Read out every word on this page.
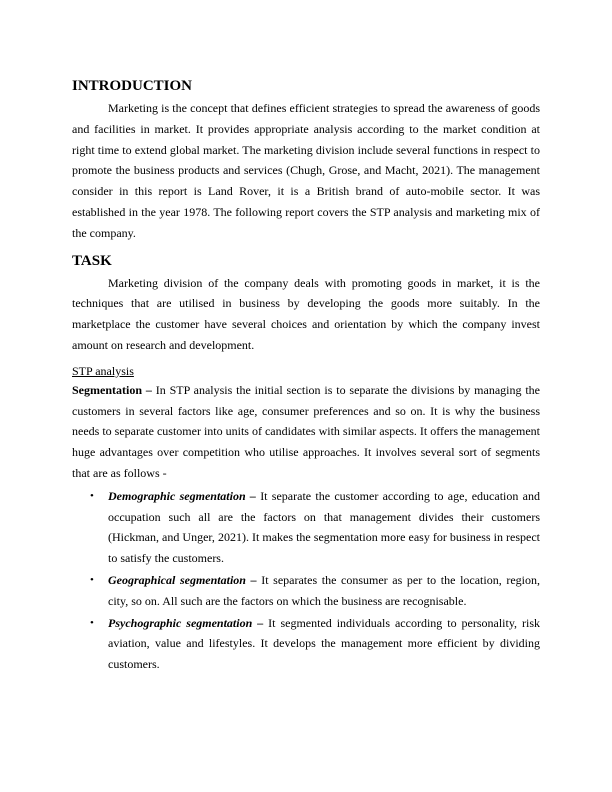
INTRODUCTION

Marketing is the concept that defines efficient strategies to spread the awareness of goods and facilities in market. It provides appropriate analysis according to the market condition at right time to extend global market. The marketing division include several functions in respect to promote the business products and services (Chugh, Grose, and Macht, 2021). The management consider in this report is Land Rover, it is a British brand of auto-mobile sector. It was established in the year 1978. The following report covers the STP analysis and marketing mix of the company.

TASK

Marketing division of the company deals with promoting goods in market, it is the techniques that are utilised in business by developing the goods more suitably. In the marketplace the customer have several choices and orientation by which the company invest amount on research and development.

STP analysis

Segmentation – In STP analysis the initial section is to separate the divisions by managing the customers in several factors like age, consumer preferences and so on. It is why the business needs to separate customer into units of candidates with similar aspects. It offers the management huge advantages over competition who utilise approaches. It involves several sort of segments that are as follows -

• Demographic segmentation – It separate the customer according to age, education and occupation such all are the factors on that management divides their customers (Hickman, and Unger, 2021). It makes the segmentation more easy for business in respect to satisfy the customers.

• Geographical segmentation – It separates the consumer as per to the location, region, city, so on. All such are the factors on which the business are recognisable.

• Psychographic segmentation – It segmented individuals according to personality, risk aviation, value and lifestyles. It develops the management more efficient by dividing customers.
